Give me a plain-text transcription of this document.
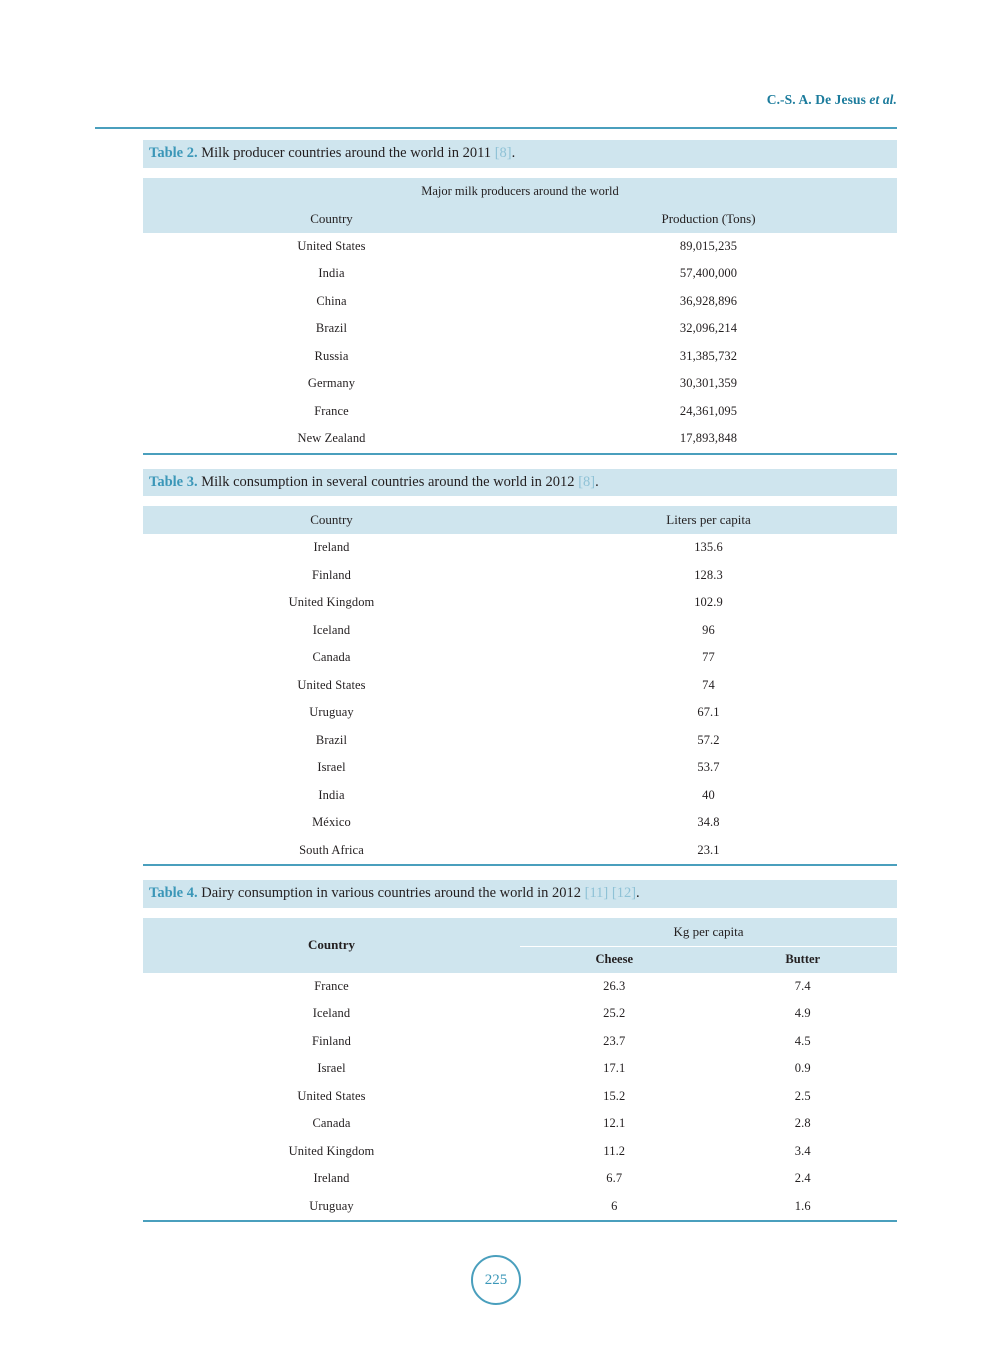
C.-S. A. De Jesus et al.
Table 2. Milk producer countries around the world in 2011 [8].
Major milk producers around the world	
Country	Production (Tons)
United States	89,015,235
India	57,400,000
China	36,928,896
Brazil	32,096,214
Russia	31,385,732
Germany	30,301,359
France	24,361,095
New Zealand	17,893,848
Table 3. Milk consumption in several countries around the world in 2012 [8].
Country	Liters per capita
Ireland	135.6
Finland	128.3
United Kingdom	102.9
Iceland	96
Canada	77
United States	74
Uruguay	67.1
Brazil	57.2
Israel	53.7
India	40
México	34.8
South Africa	23.1
Table 4. Dairy consumption in various countries around the world in 2012 [11] [12].
Country	Kg per capita	
	Cheese	Butter
France	26.3	7.4
Iceland	25.2	4.9
Finland	23.7	4.5
Israel	17.1	0.9
United States	15.2	2.5
Canada	12.1	2.8
United Kingdom	11.2	3.4
Ireland	6.7	2.4
Uruguay	6	1.6
225
